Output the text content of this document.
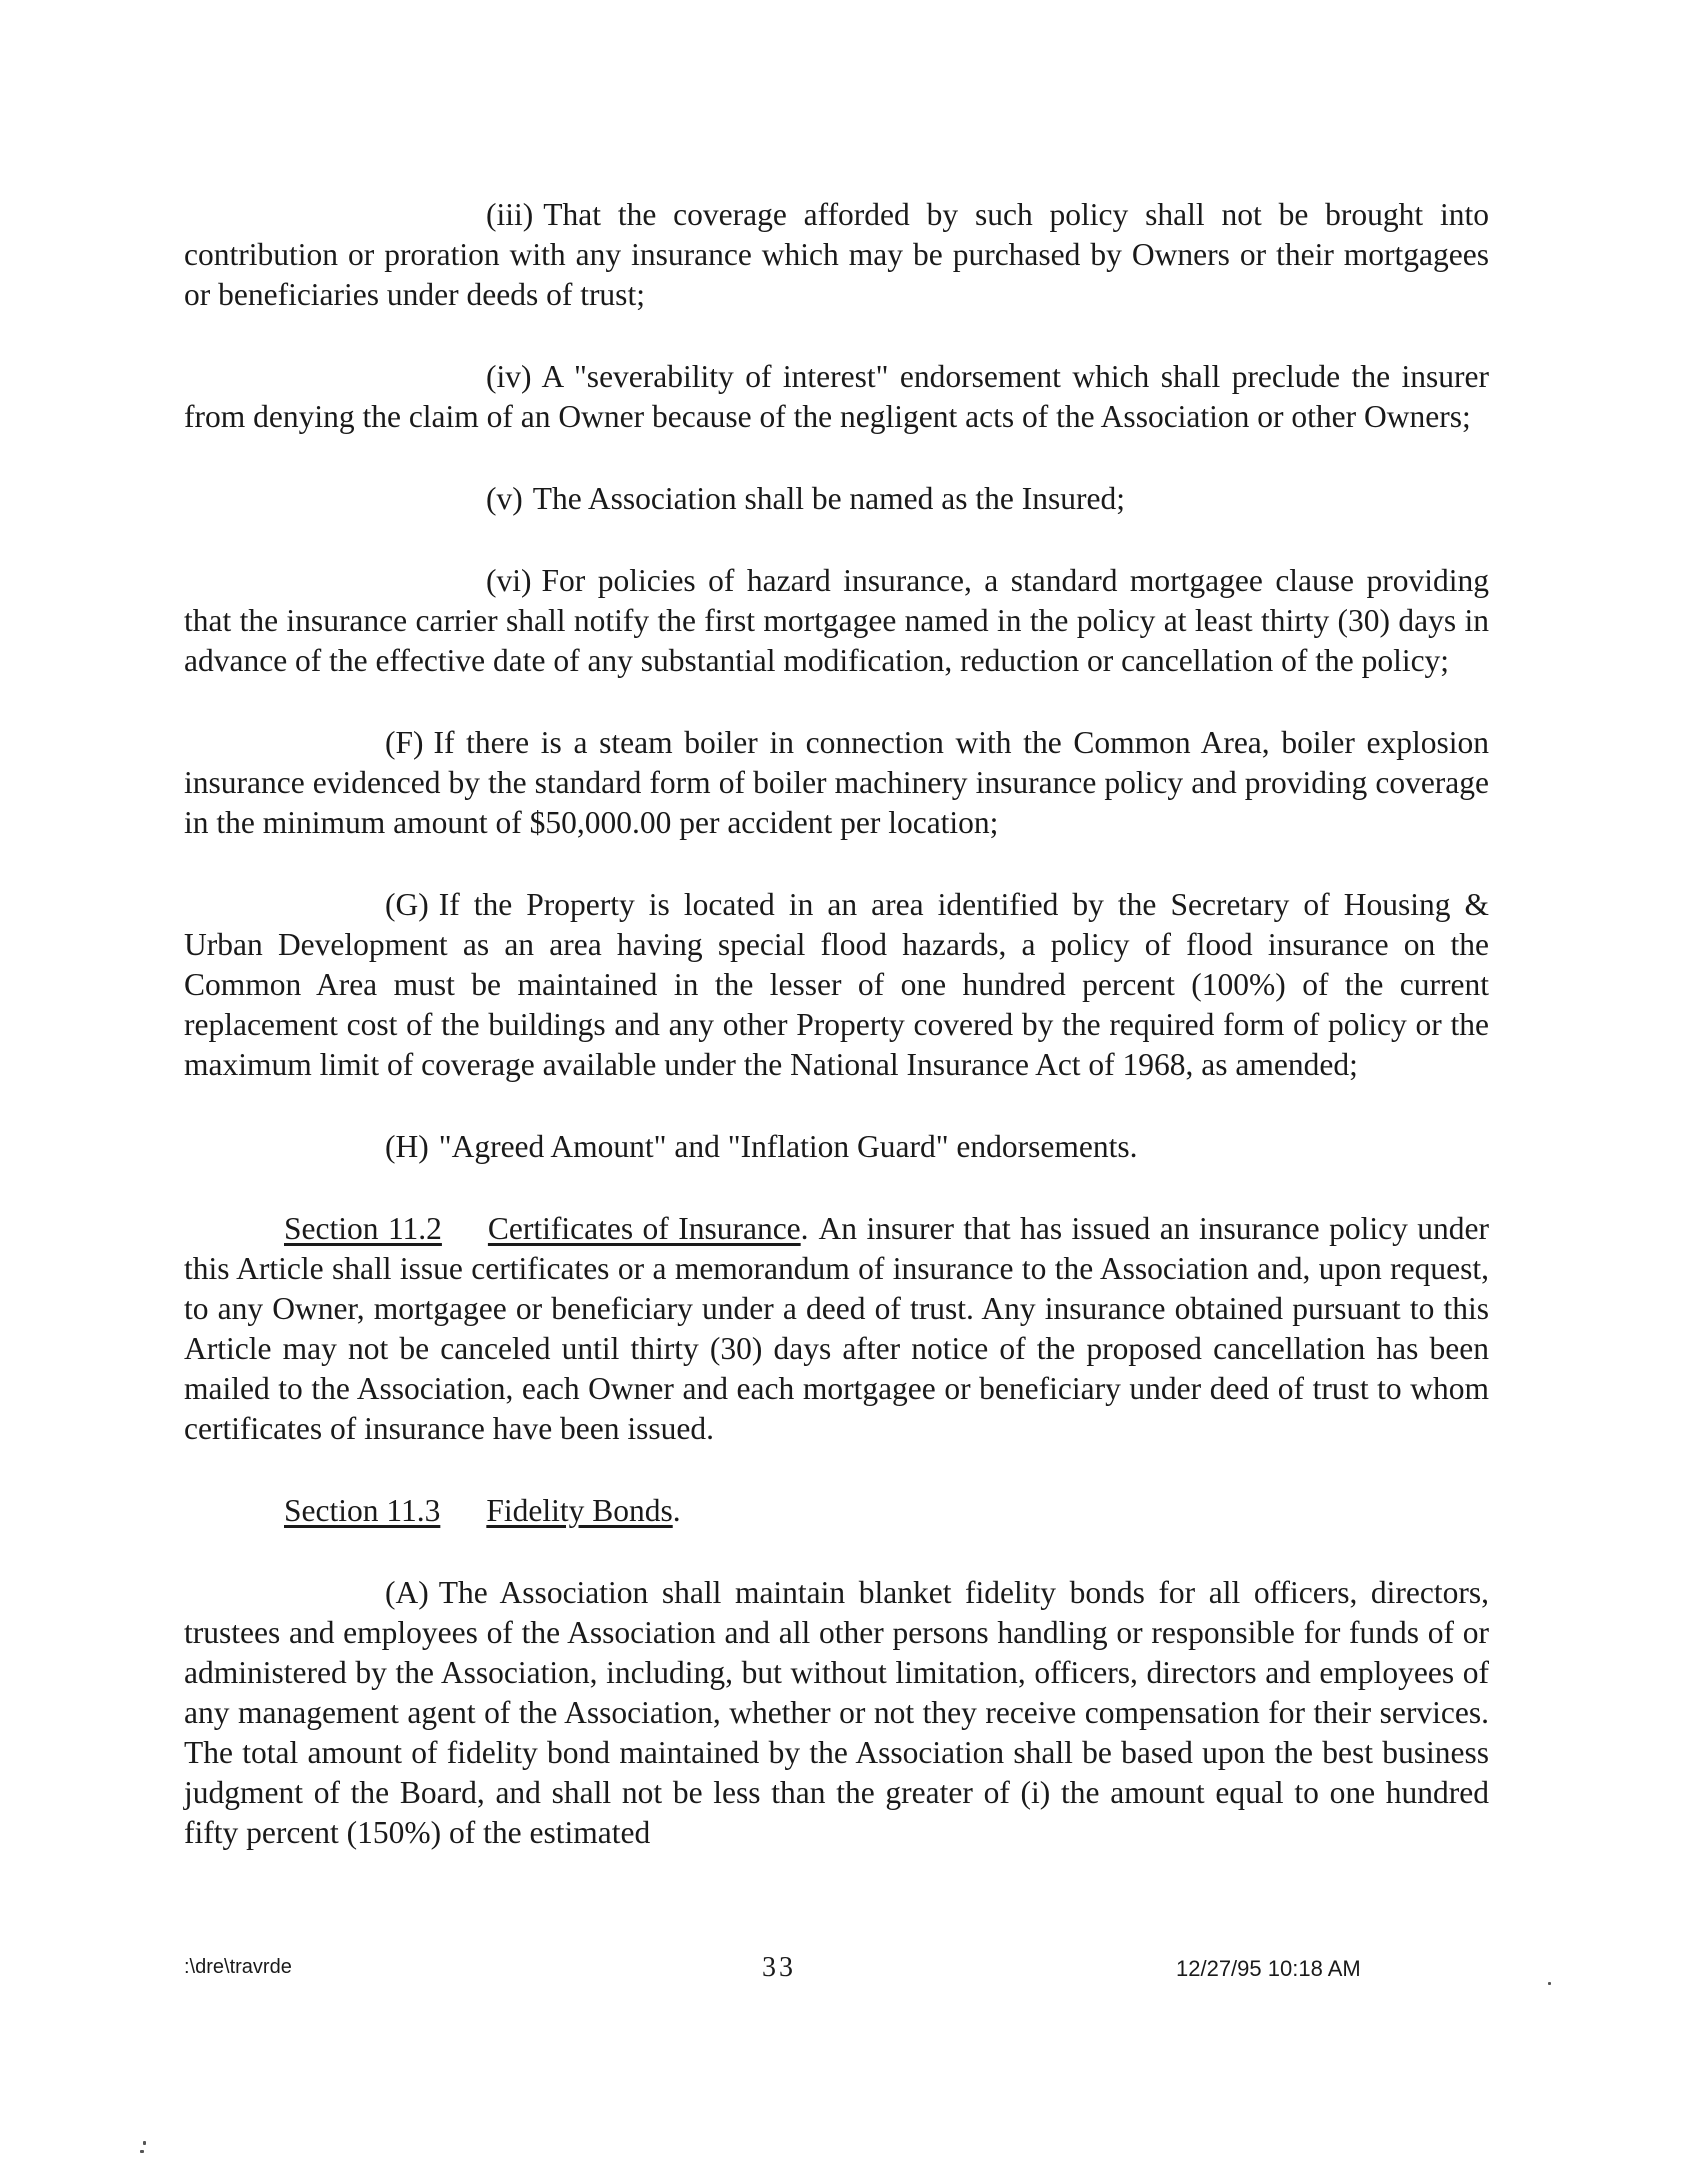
(iii) That the coverage afforded by such policy shall not be brought into contribution or proration with any insurance which may be purchased by Owners or their mortgagees or beneficiaries under deeds of trust;

(iv) A "severability of interest" endorsement which shall preclude the insurer from denying the claim of an Owner because of the negligent acts of the Association or other Owners;

(v) The Association shall be named as the Insured;

(vi) For policies of hazard insurance, a standard mortgagee clause providing that the insurance carrier shall notify the first mortgagee named in the policy at least thirty (30) days in advance of the effective date of any substantial modification, reduction or cancellation of the policy;

(F) If there is a steam boiler in connection with the Common Area, boiler explosion insurance evidenced by the standard form of boiler machinery insurance policy and providing coverage in the minimum amount of $50,000.00 per accident per location;

(G) If the Property is located in an area identified by the Secretary of Housing & Urban Development as an area having special flood hazards, a policy of flood insurance on the Common Area must be maintained in the lesser of one hundred percent (100%) of the current replacement cost of the buildings and any other Property covered by the required form of policy or the maximum limit of coverage available under the National Insurance Act of 1968, as amended;

(H) "Agreed Amount" and "Inflation Guard" endorsements.

Section 11.2 Certificates of Insurance. An insurer that has issued an insurance policy under this Article shall issue certificates or a memorandum of insurance to the Association and, upon request, to any Owner, mortgagee or beneficiary under a deed of trust. Any insurance obtained pursuant to this Article may not be canceled until thirty (30) days after notice of the proposed cancellation has been mailed to the Association, each Owner and each mortgagee or beneficiary under deed of trust to whom certificates of insurance have been issued.

Section 11.3 Fidelity Bonds.

(A) The Association shall maintain blanket fidelity bonds for all officers, directors, trustees and employees of the Association and all other persons handling or responsible for funds of or administered by the Association, including, but without limitation, officers, directors and employees of any management agent of the Association, whether or not they receive compensation for their services. The total amount of fidelity bond maintained by the Association shall be based upon the best business judgment of the Board, and shall not be less than the greater of (i) the amount equal to one hundred fifty percent (150%) of the estimated

:\dre\travrde	33	12/27/95 10:18 AM
